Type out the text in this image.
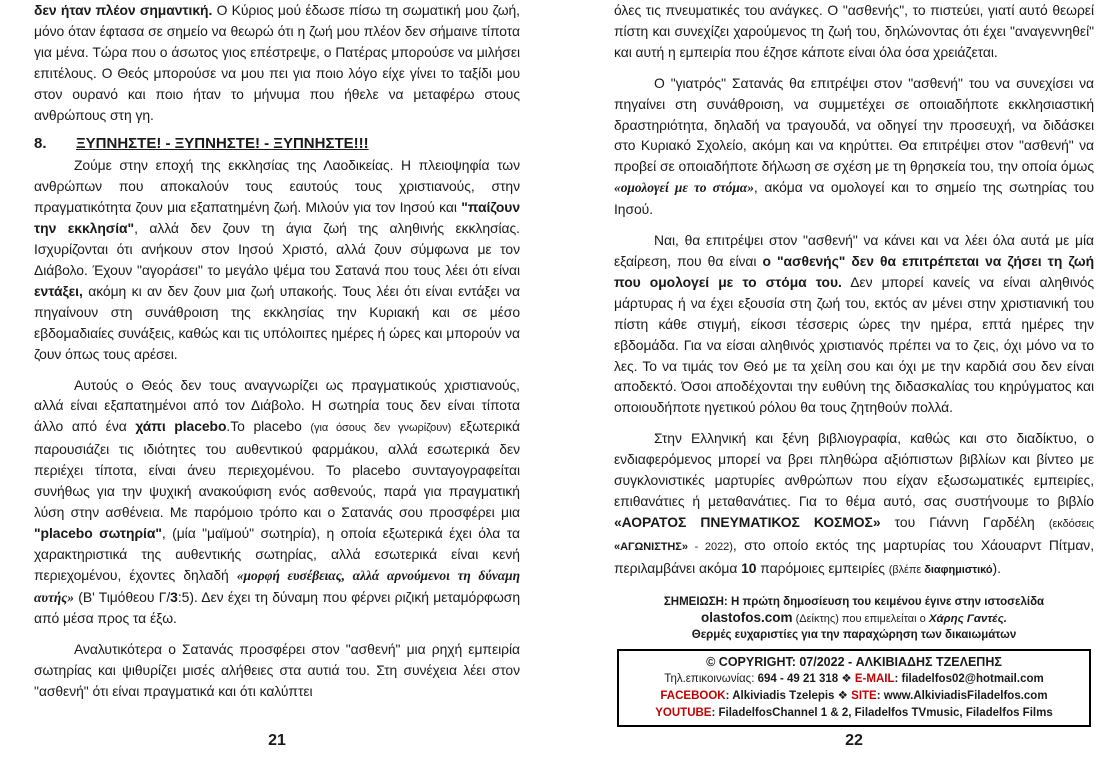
δεν ήταν πλέον σημαντική. Ο Κύριος μού έδωσε πίσω τη σωματική μου ζωή, μόνο όταν έφτασα σε σημείο να θεωρώ ότι η ζωή μου πλέον δεν σήμαινε τίποτα για μένα. Τώρα που ο άσωτος γιος επέστρεψε, ο Πατέρας μπορούσε να μιλήσει επιτέλους. Ο Θεός μπορούσε να μου πει για ποιο λόγο είχε γίνει το ταξίδι μου στον ουρανό και ποιο ήταν το μήνυμα που ήθελε να μεταφέρω στους ανθρώπους στη γη.

8.	ΞΥΠΝΗΣΤΕ! - ΞΥΠΝΗΣΤΕ! - ΞΥΠΝΗΣΤΕ!!!

Ζούμε στην εποχή της εκκλησίας της Λαοδικείας. Η πλειοψηφία των ανθρώπων που αποκαλούν τους εαυτούς τους χριστιανούς, στην πραγματικότητα ζουν μια εξαπατημένη ζωή. Μιλούν για τον Ιησού και "παίζουν την εκκλησία", αλλά δεν ζουν τη άγια ζωή της αληθινής εκκλησίας. Ισχυρίζονται ότι ανήκουν στον Ιησού Χριστό, αλλά ζουν σύμφωνα με τον Διάβολο. Έχουν "αγοράσει" το μεγάλο ψέμα του Σατανά που τους λέει ότι είναι εντάξει, ακόμη κι αν δεν ζουν μια ζωή υπακοής. Τους λέει ότι είναι εντάξει να πηγαίνουν στη συνάθροιση της εκκλησίας την Κυριακή και σε μέσο εβδομαδιαίες συνάξεις, καθώς και τις υπόλοιπες ημέρες ή ώρες και μπορούν να ζουν όπως τους αρέσει.

Αυτούς ο Θεός δεν τους αναγνωρίζει ως πραγματικούς χριστιανούς, αλλά είναι εξαπατημένοι από τον Διάβολο. Η σωτηρία τους δεν είναι τίποτα άλλο από ένα χάπι placebo.Το placebo (για όσους δεν γνωρίζουν) εξωτερικά παρουσιάζει τις ιδιότητες του αυθεντικού φαρμάκου, αλλά εσωτερικά δεν περιέχει τίποτα, είναι άνευ περιεχομένου. Το placebo συνταγογραφείται συνήθως για την ψυχική ανακούφιση ενός ασθενούς, παρά για πραγματική λύση στην ασθένεια. Με παρόμοιο τρόπο και ο Σατανάς σου προσφέρει μια "placebo σωτηρία", (μία "μαϊμού" σωτηρία), η οποία εξωτερικά έχει όλα τα χαρακτηριστικά της αυθεντικής σωτηρίας, αλλά εσωτερικά είναι κενή περιεχομένου, έχοντες δηλαδή «μορφή ευσέβειας, αλλά αρνούμενοι τη δύναμη αυτής» (Β' Τιμόθεου Γ/3:5). Δεν έχει τη δύναμη που φέρνει ριζική μεταμόρφωση από μέσα προς τα έξω.

Αναλυτικότερα ο Σατανάς προσφέρει στον "ασθενή" μια ρηχή εμπειρία σωτηρίας και ψιθυρίζει μισές αλήθειες στα αυτιά του. Στη συνέχεια λέει στον "ασθενή" ότι είναι πραγματικά και ότι καλύπτει

21

όλες τις πνευματικές του ανάγκες. Ο "ασθενής", το πιστεύει, γιατί αυτό θεωρεί πίστη και συνεχίζει χαρούμενος τη ζωή του, δηλώνοντας ότι έχει "αναγεννηθεί" και αυτή η εμπειρία που έζησε κάποτε είναι όλα όσα χρειάζεται.

Ο "γιατρός" Σατανάς θα επιτρέψει στον "ασθενή" του να συνεχίσει να πηγαίνει στη συνάθροιση, να συμμετέχει σε οποιαδήποτε εκκλησιαστική δραστηριότητα, δηλαδή να τραγουδά, να οδηγεί την προσευχή, να διδάσκει στο Κυριακό Σχολείο, ακόμη και να κηρύττει. Θα επιτρέψει στον "ασθενή" να προβεί σε οποιαδήποτε δήλωση σε σχέση με τη θρησκεία του, την οποία όμως «ομολογεί με το στόμα», ακόμα να ομολογεί και το σημείο της σωτηρίας του Ιησού.

Ναι, θα επιτρέψει στον "ασθενή" να κάνει και να λέει όλα αυτά με μία εξαίρεση, που θα είναι ο "ασθενής" δεν θα επιτρέπεται να ζήσει τη ζωή που ομολογεί με το στόμα του. Δεν μπορεί κανείς να είναι αληθινός μάρτυρας ή να έχει εξουσία στη ζωή του, εκτός αν μένει στην χριστιανική του πίστη κάθε στιγμή, είκοσι τέσσερις ώρες την ημέρα, επτά ημέρες την εβδομάδα. Για να είσαι αληθινός χριστιανός πρέπει να το ζεις, όχι μόνο να το λες. Το να τιμάς τον Θεό με τα χείλη σου και όχι με την καρδιά σου δεν είναι αποδεκτό. Όσοι αποδέχονται την ευθύνη της διδασκαλίας του κηρύγματος και οποιουδήποτε ηγετικού ρόλου θα τους ζητηθούν πολλά.

Στην Ελληνική και ξένη βιβλιογραφία, καθώς και στο διαδίκτυο, ο ενδιαφερόμενος μπορεί να βρει πληθώρα αξιόπιστων βιβλίων και βίντεο με συγκλονιστικές μαρτυρίες ανθρώπων που είχαν εξωσωματικές εμπειρίες, επιθανάτιες ή μεταθανάτιες. Για το θέμα αυτό, σας συστήνουμε το βιβλίο «ΑΟΡΑΤΟΣ ΠΝΕΥΜΑΤΙΚΟΣ ΚΟΣΜΟΣ» του Γιάννη Γαρδέλη (εκδόσεις «ΑΓΩΝΙΣΤΗΣ» - 2022), στο οποίο εκτός της μαρτυρίας του Χάουαρντ Πίτμαν, περιλαμβάνει ακόμα 10 παρόμοιες εμπειρίες (βλέπε διαφημιστικό).

ΣΗΜΕΙΩΣΗ: Η πρώτη δημοσίευση του κειμένου έγινε στην ιστοσελίδα
olastofos.com (Δείκτης) που επιμελείται ο Χάρης Γαντές.
Θερμές ευχαριστίες για την παραχώρηση των δικαιωμάτων
© COPYRIGHT: 07/2022 - ΑΛΚΙΒΙΑΔΗΣ ΤΖΕΛΕΠΗΣ
Τηλ.επικοινωνίας: 694 - 49 21 318 ❖ E-MAIL: filadelfos02@hotmail.com
FACEBOOK: Alkiviadis Tzelepis ❖ SITE: www.AlkiviadisFiladelfos.com
YOUTUBE: FiladelfosChannel 1 & 2, Filadelfos TVmusic, Filadelfos Films
22
